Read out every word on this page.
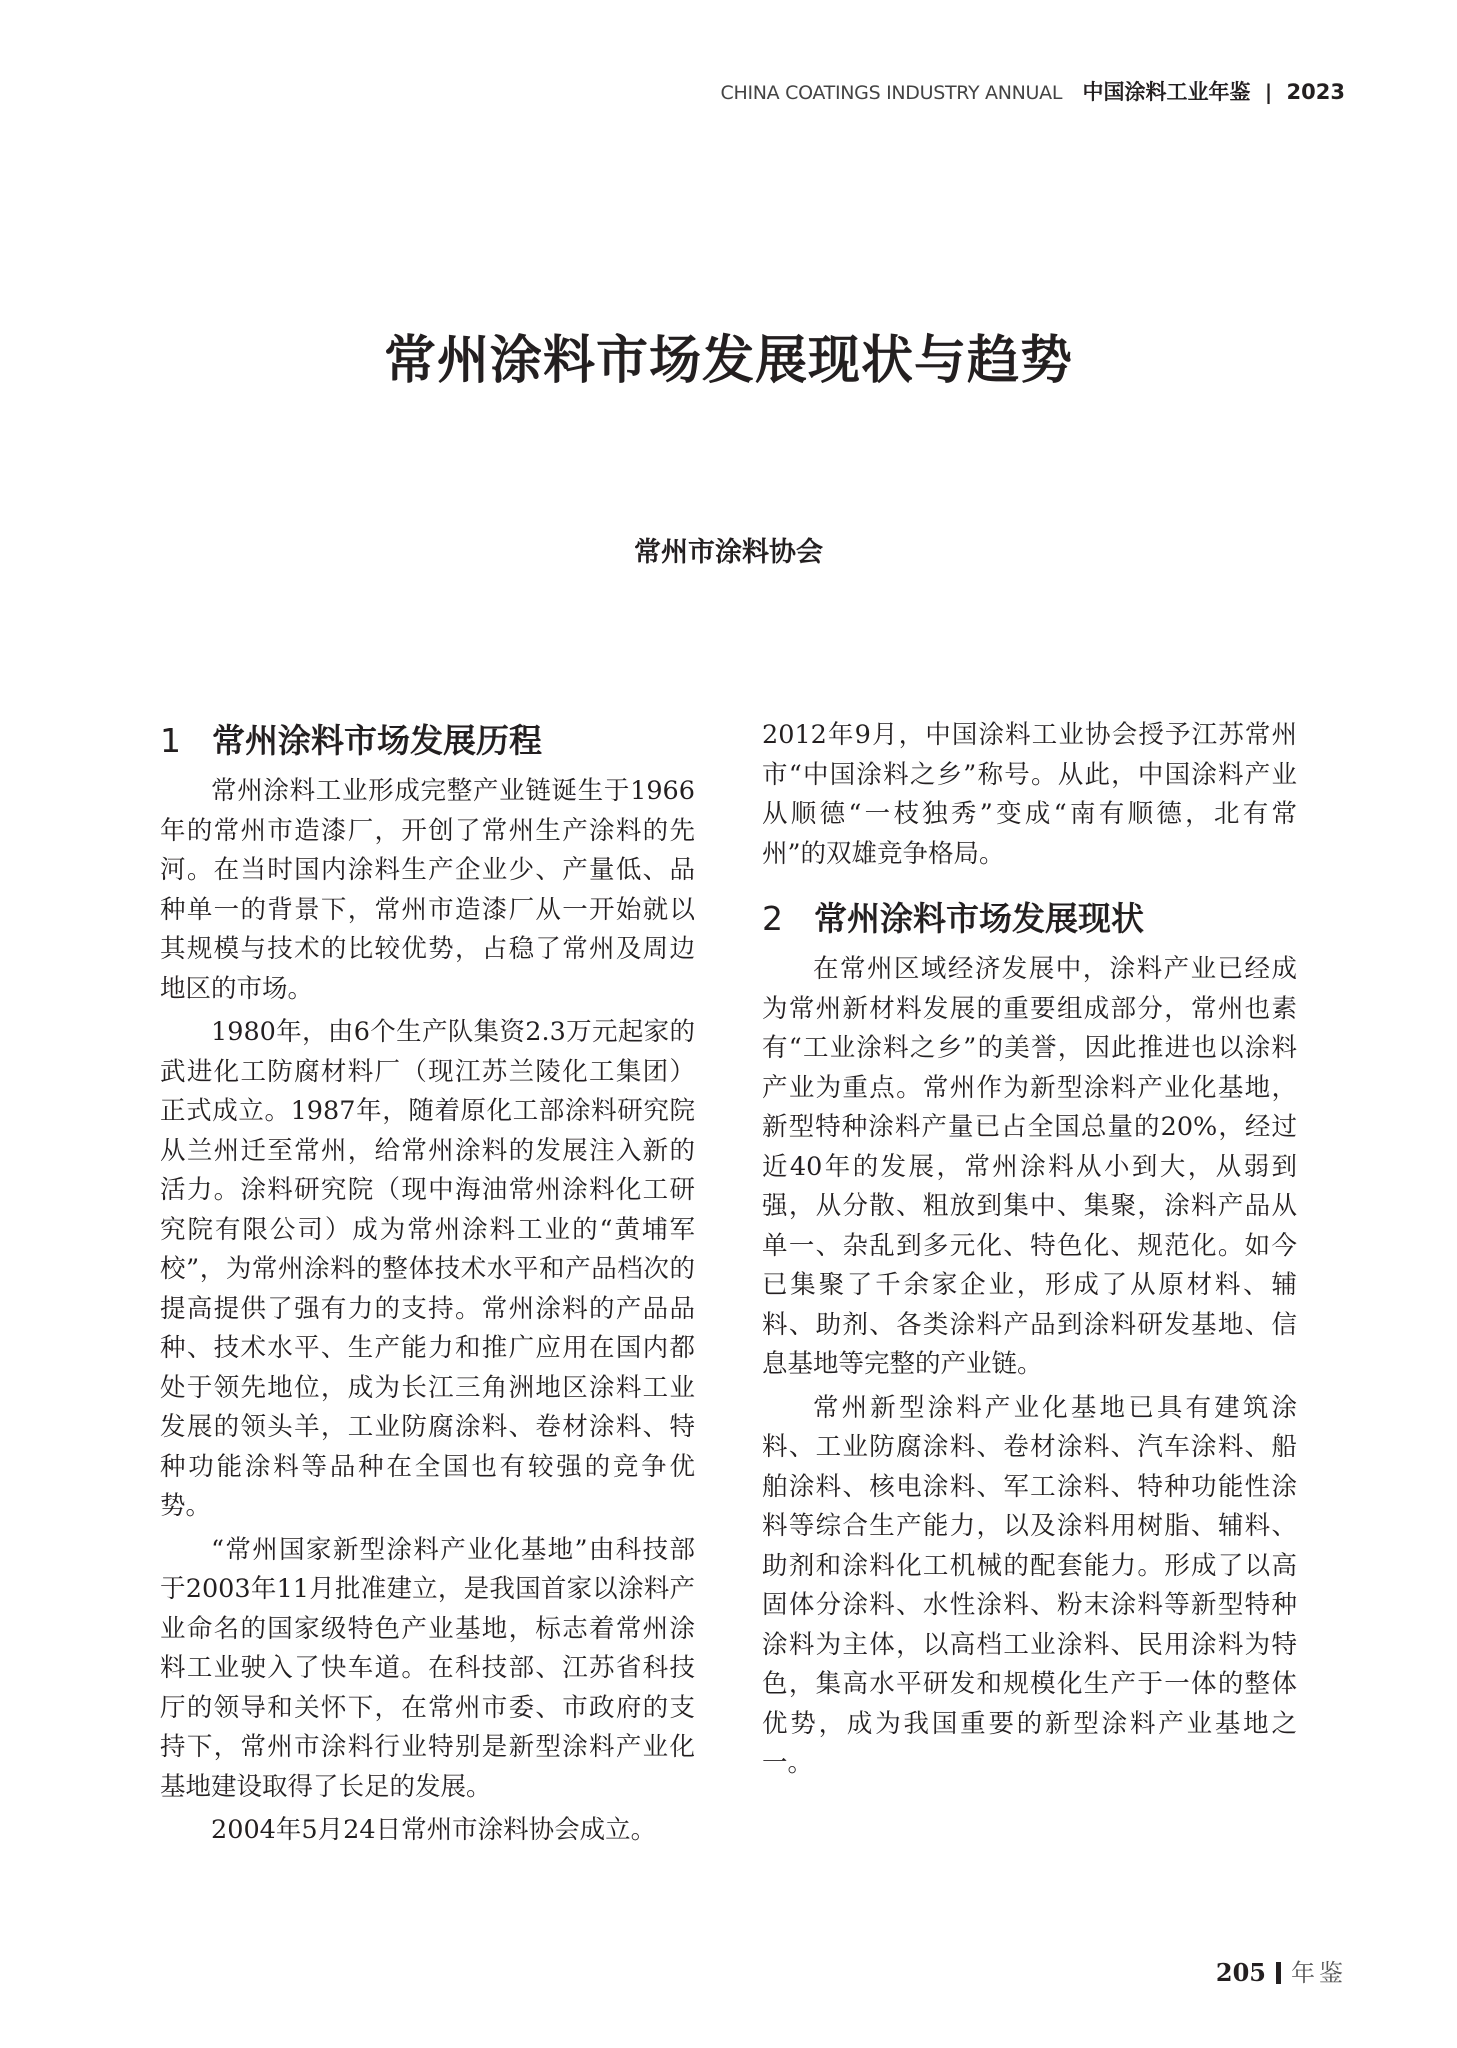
CHINA COATINGS INDUSTRY ANNUAL 中国涂料工业年鉴 | 2023
常州涂料市场发展现状与趋势
常州市涂料协会
1 常州涂料市场发展历程

常州涂料工业形成完整产业链诞生于1966年的常州市造漆厂，开创了常州生产涂料的先河。在当时国内涂料生产企业少、产量低、品种单一的背景下，常州市造漆厂从一开始就以其规模与技术的比较优势，占稳了常州及周边地区的市场。

1980年，由6个生产队集资2.3万元起家的武进化工防腐材料厂（现江苏兰陵化工集团）正式成立。1987年，随着原化工部涂料研究院从兰州迁至常州，给常州涂料的发展注入新的活力。涂料研究院（现中海油常州涂料化工研究院有限公司）成为常州涂料工业的“黄埔军校”，为常州涂料的整体技术水平和产品档次的提高提供了强有力的支持。常州涂料的产品品种、技术水平、生产能力和推广应用在国内都处于领先地位，成为长江三角洲地区涂料工业发展的领头羊，工业防腐涂料、卷材涂料、特种功能涂料等品种在全国也有较强的竞争优势。

“常州国家新型涂料产业化基地”由科技部于2003年11月批准建立，是我国首家以涂料产业命名的国家级特色产业基地，标志着常州涂料工业驶入了快车道。在科技部、江苏省科技厅的领导和关怀下，在常州市委、市政府的支持下，常州市涂料行业特别是新型涂料产业化基地建设取得了长足的发展。

2004年5月24日常州市涂料协会成立。

2012年9月，中国涂料工业协会授予江苏常州市“中国涂料之乡”称号。从此，中国涂料产业从顺德“一枝独秀”变成“南有顺德，北有常州”的双雄竞争格局。

2 常州涂料市场发展现状

在常州区域经济发展中，涂料产业已经成为常州新材料发展的重要组成部分，常州也素有“工业涂料之乡”的美誉，因此推进也以涂料产业为重点。常州作为新型涂料产业化基地，新型特种涂料产量已占全国总量的20%，经过近40年的发展，常州涂料从小到大，从弱到强，从分散、粗放到集中、集聚，涂料产品从单一、杂乱到多元化、特色化、规范化。如今已集聚了千余家企业，形成了从原材料、辅料、助剂、各类涂料产品到涂料研发基地、信息基地等完整的产业链。

常州新型涂料产业化基地已具有建筑涂料、工业防腐涂料、卷材涂料、汽车涂料、船舶涂料、核电涂料、军工涂料、特种功能性涂料等综合生产能力，以及涂料用树脂、辅料、助剂和涂料化工机械的配套能力。形成了以高固体分涂料、水性涂料、粉末涂料等新型特种涂料为主体，以高档工业涂料、民用涂料为特色，集高水平研发和规模化生产于一体的整体优势，成为我国重要的新型涂料产业基地之一。

205 年鉴
